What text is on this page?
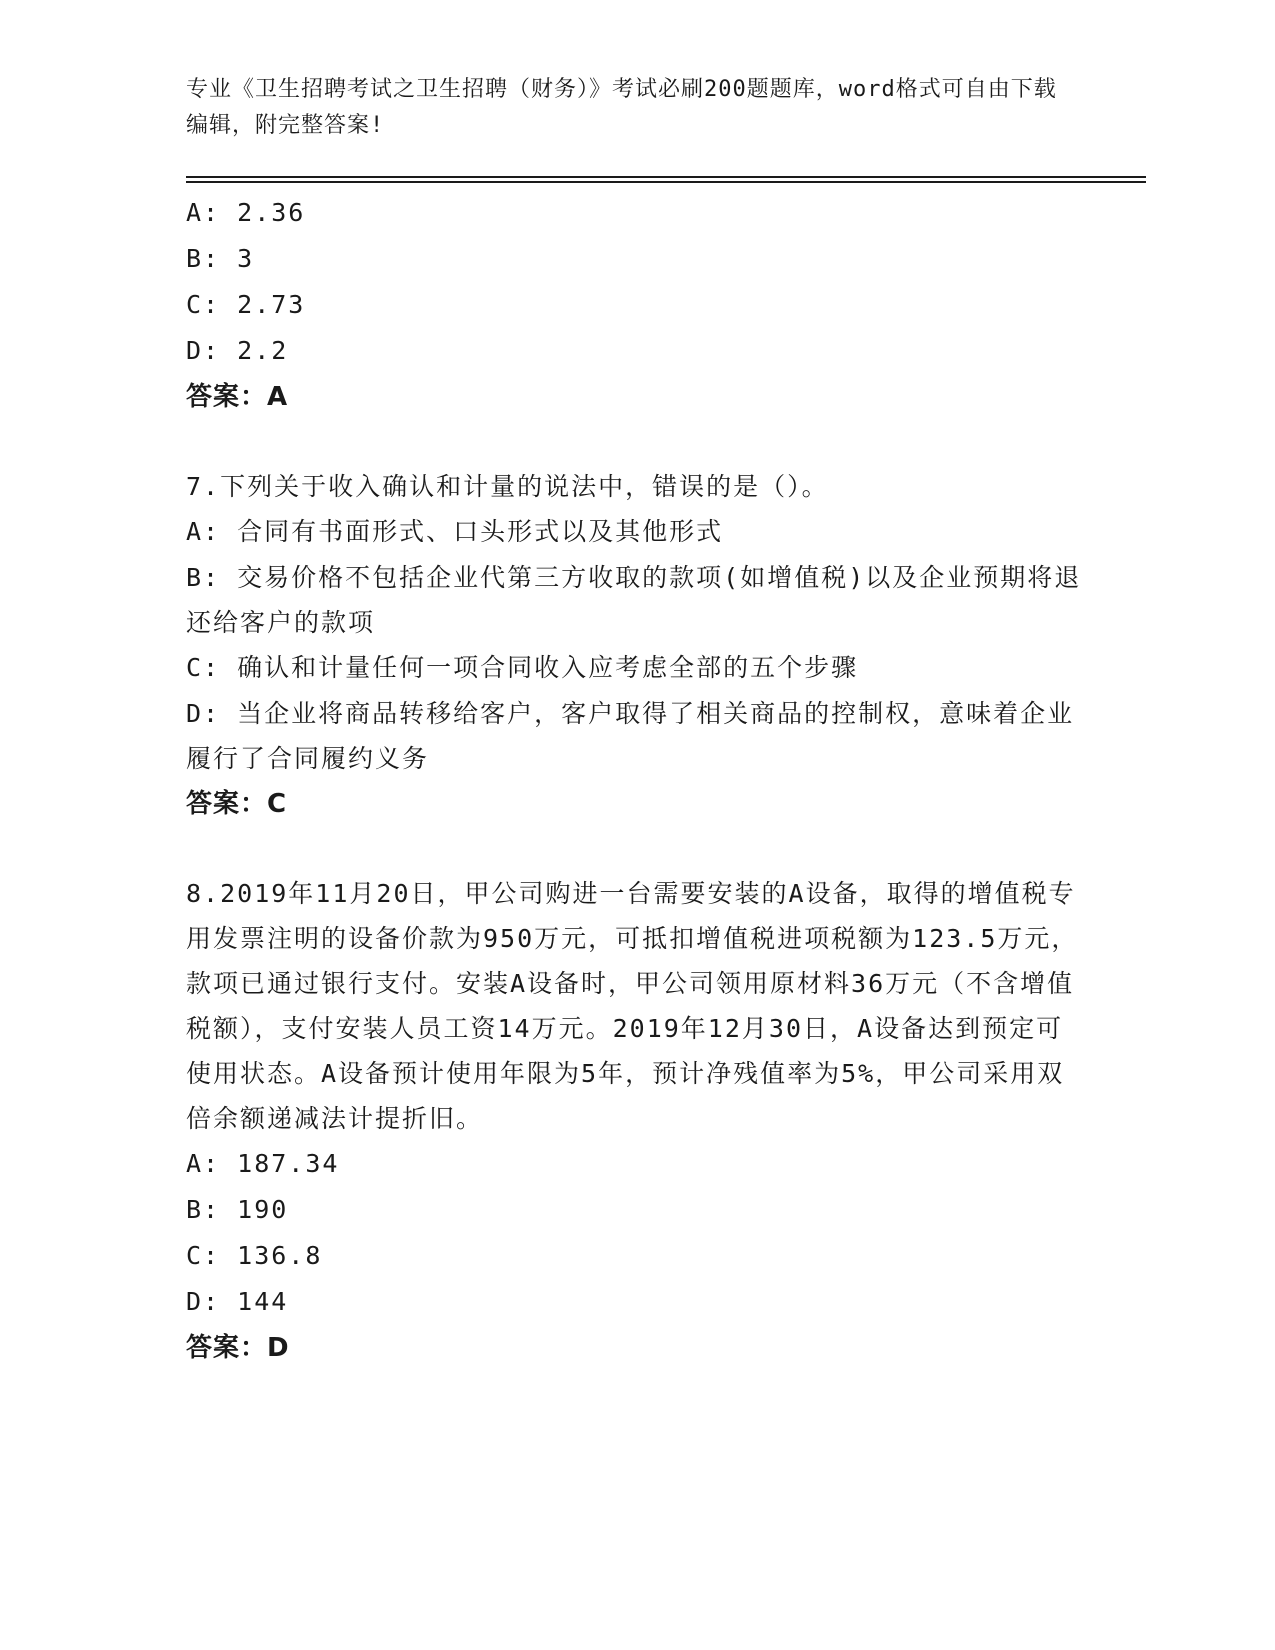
专业《卫生招聘考试之卫生招聘（财务）》考试必刷200题题库，word格式可自由下载编辑，附完整答案!
A: 2.36
B: 3
C: 2.73
D: 2.2
答案：A
7.下列关于收入确认和计量的说法中，错误的是（）。
A: 合同有书面形式、口头形式以及其他形式
B: 交易价格不包括企业代第三方收取的款项(如增值税)以及企业预期将退还给客户的款项
C: 确认和计量任何一项合同收入应考虑全部的五个步骤
D: 当企业将商品转移给客户，客户取得了相关商品的控制权，意味着企业履行了合同履约义务
答案：C
8.2019年11月20日，甲公司购进一台需要安装的A设备，取得的增值税专用发票注明的设备价款为950万元，可抵扣增值税进项税额为123.5万元，款项已通过银行支付。安装A设备时，甲公司领用原材料36万元（不含增值税额），支付安装人员工资14万元。2019年12月30日，A设备达到预定可使用状态。A设备预计使用年限为5年，预计净残值率为5%，甲公司采用双倍余额递减法计提折旧。
A: 187.34
B: 190
C: 136.8
D: 144
答案：D
